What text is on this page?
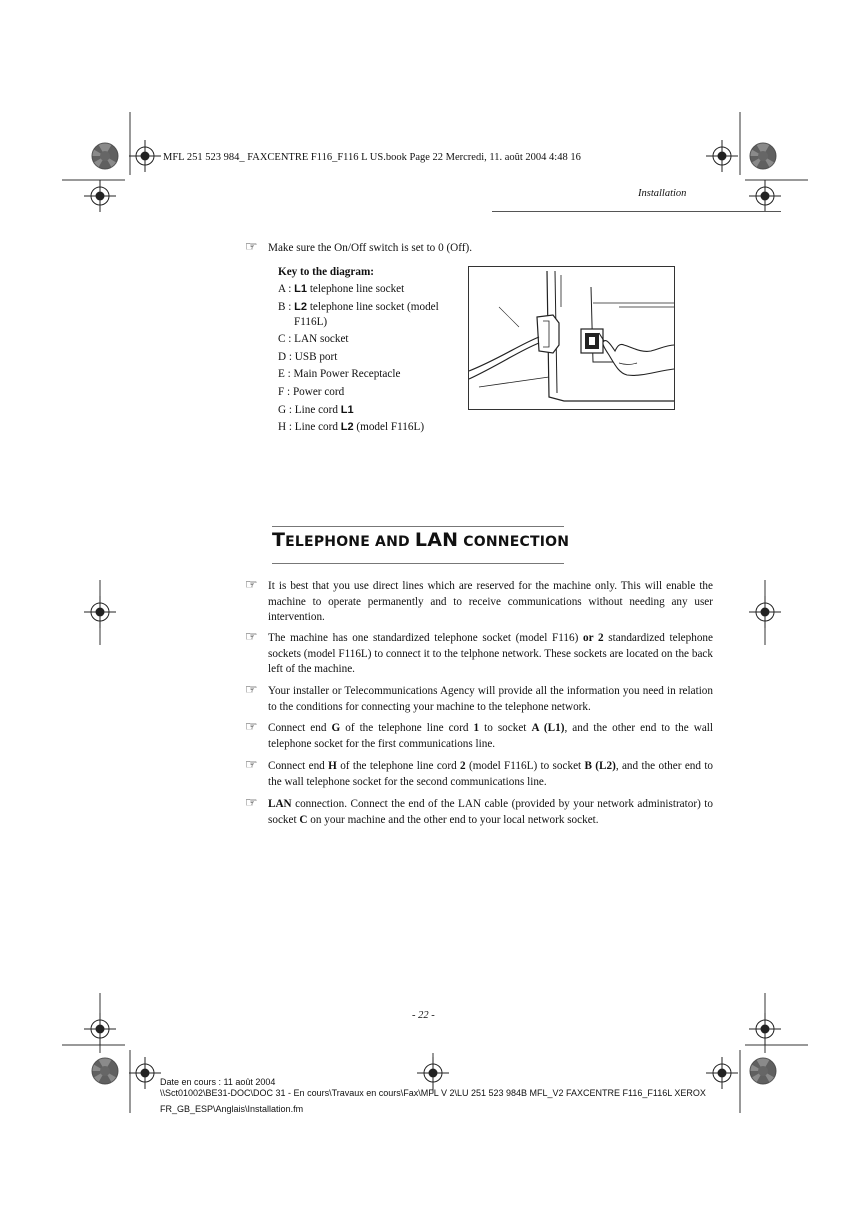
MFL 251 523 984_ FAXCENTRE F116_F116 L US.book Page 22 Mercredi, 11. août 2004 4:48 16
Installation
☞ Make sure the On/Off switch is set to 0 (Off).
Key to the diagram:
A : L1 telephone line socket
B : L2 telephone line socket (model
F116L)
C : LAN socket
D : USB port
E : Main Power Receptacle
F : Power cord
G : Line cord L1
H : Line cord L2 (model F116L)
TELEPHONE AND LAN CONNECTION
☞ It is best that you use direct lines which are reserved for the machine only. This will enable the machine to operate permanently and to receive communications without needing any user intervention.
☞ The machine has one standardized telephone socket (model F116) or 2 standardized telephone sockets (model F116L) to connect it to the telphone network. These sockets are located on the back left of the machine.
☞ Your installer or Telecommunications Agency will provide all the information you need in relation to the conditions for connecting your machine to the telephone network.
☞ Connect end G of the telephone line cord 1 to socket A (L1), and the other end to the wall telephone socket for the first communications line.
☞ Connect end H of the telephone line cord 2 (model F116L) to socket B (L2), and the other end to the wall telephone socket for the second communications line.
☞ LAN connection. Connect the end of the LAN cable (provided by your network administrator) to socket C on your machine and the other end to your local network socket.
- 22 -
Date en cours : 11 août 2004
\\Sct01002\BE31-DOC\DOC 31 - En cours\Travaux en cours\Fax\MFL V 2\LU 251 523 984B MFL_V2 FAXCENTRE F116_F116L XEROX
FR_GB_ESP\Anglais\Installation.fm
